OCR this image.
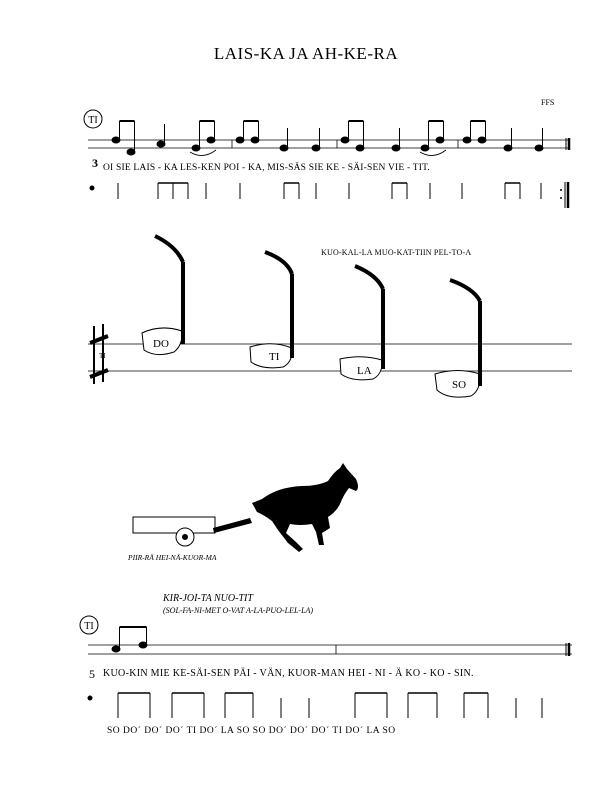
LAIS-KA JA AH-KE-RA
FFS
3 OI SIE LAIS - KA LES-KEN POI - KA, MIS-SÄS SIE KE - SÄI-SEN VIE - TIT.
KUO-KAL-LA MUO-KAT-TIIN PEL-TO-A
PIIR-RÄ HEI-NÄ-KUOR-MA
KIR-JOI-TA NUO-TIT
(SOL-FA-NI-MET O-VAT A-LA-PUO-LEL-LA)
5 KUO-KIN MIE KE-SÄI-SEN PÄI - VÄN, KUOR-MAN HEI - NI - Ä KO - KO - SIN.
SO DO´ DO´ DO´ TI DO´ LA SO SO DO´ DO´ DO´ TI DO´ LA SO
TI
TI
DO
TI
LA
SO
TI
